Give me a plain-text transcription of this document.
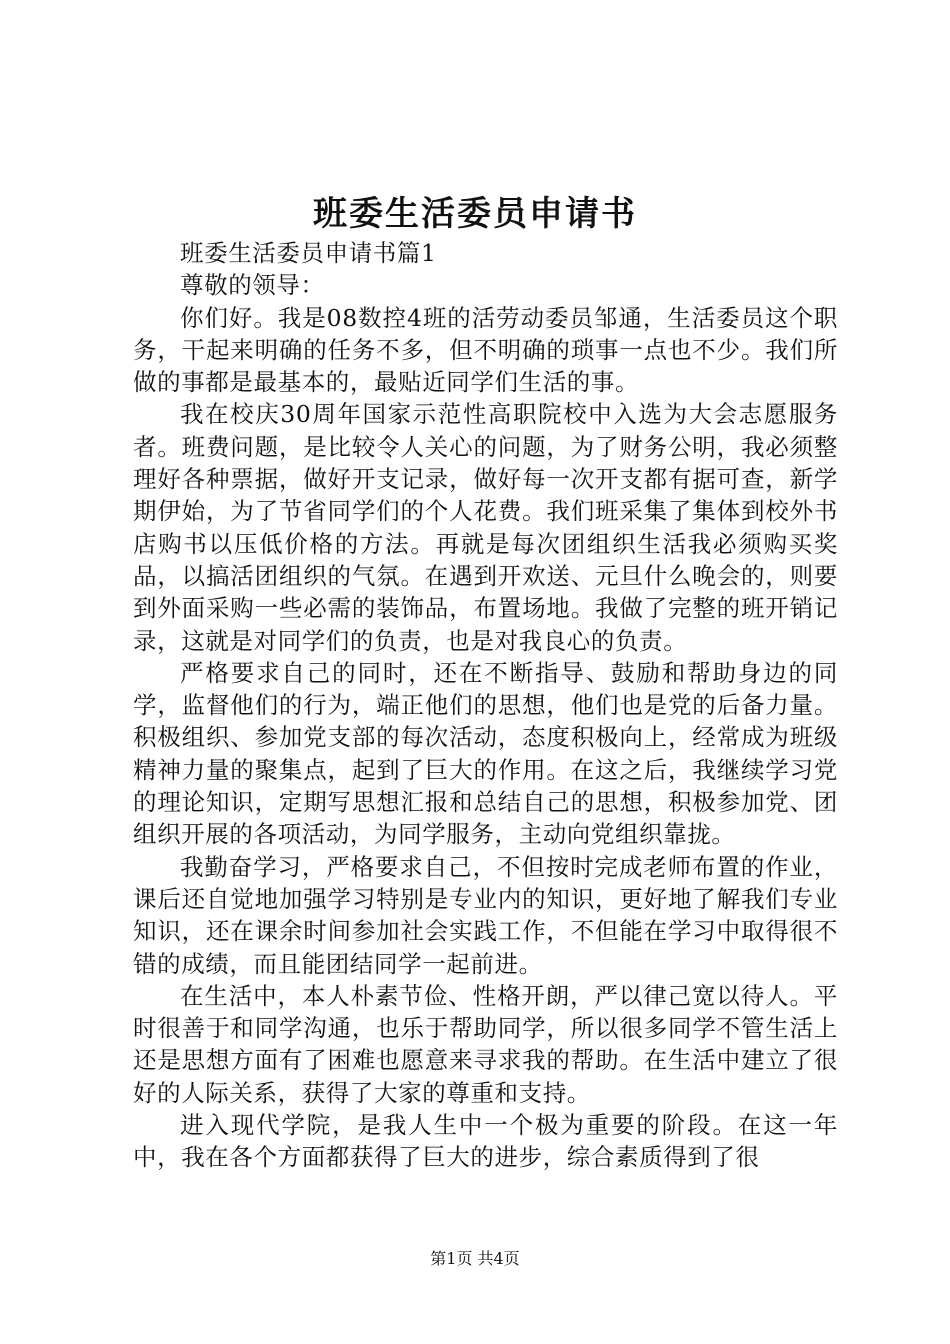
班委生活委员申请书

班委生活委员申请书篇1

尊敬的领导：

你们好。我是08数控4班的活劳动委员邹通，生活委员这个职务，干起来明确的任务不多，但不明确的琐事一点也不少。我们所做的事都是最基本的，最贴近同学们生活的事。

我在校庆30周年国家示范性高职院校中入选为大会志愿服务者。班费问题，是比较令人关心的问题，为了财务公明，我必须整理好各种票据，做好开支记录，做好每一次开支都有据可查，新学期伊始，为了节省同学们的个人花费。我们班采集了集体到校外书店购书以压低价格的方法。再就是每次团组织生活我必须购买奖品，以搞活团组织的气氛。在遇到开欢送、元旦什么晚会的，则要到外面采购一些必需的装饰品，布置场地。我做了完整的班开销记录，这就是对同学们的负责，也是对我良心的负责。

严格要求自己的同时，还在不断指导、鼓励和帮助身边的同学，监督他们的行为，端正他们的思想，他们也是党的后备力量。积极组织、参加党支部的每次活动，态度积极向上，经常成为班级精神力量的聚集点，起到了巨大的作用。在这之后，我继续学习党的理论知识，定期写思想汇报和总结自己的思想，积极参加党、团组织开展的各项活动，为同学服务，主动向党组织靠拢。

我勤奋学习，严格要求自己，不但按时完成老师布置的作业，课后还自觉地加强学习特别是专业内的知识，更好地了解我们专业知识，还在课余时间参加社会实践工作，不但能在学习中取得很不错的成绩，而且能团结同学一起前进。

在生活中，本人朴素节俭、性格开朗，严以律己宽以待人。平时很善于和同学沟通，也乐于帮助同学，所以很多同学不管生活上还是思想方面有了困难也愿意来寻求我的帮助。在生活中建立了很好的人际关系，获得了大家的尊重和支持。

进入现代学院，是我人生中一个极为重要的阶段。在这一年中，我在各个方面都获得了巨大的进步，综合素质得到了很

第1页 共4页
